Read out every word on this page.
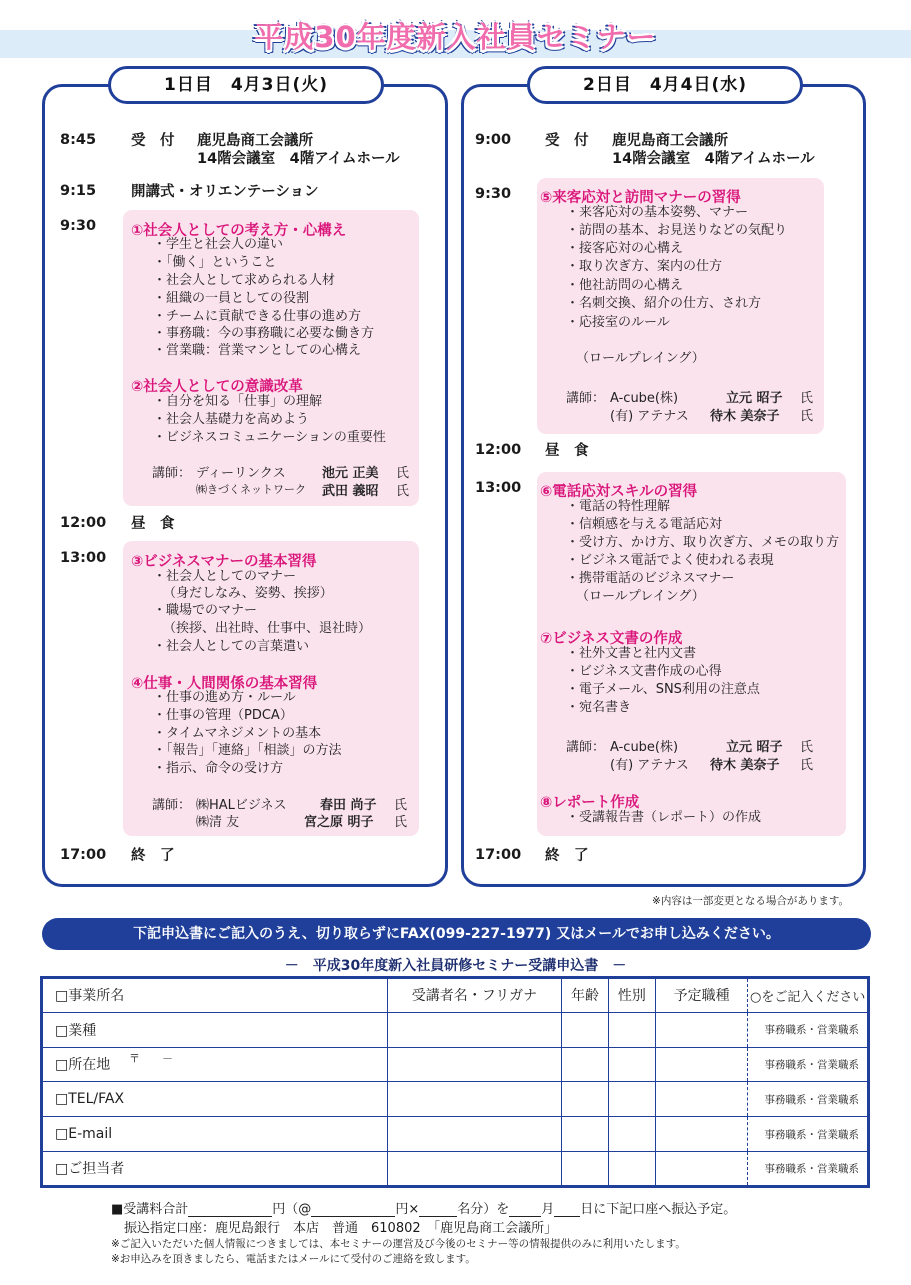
平成30年度新入社員セミナー
1日目　4月3日(火)
8:45 受　付 鹿児島商工会議所
14階会議室　4階アイムホール
9:15 開講式・オリエンテーション
9:30 ①社会人としての考え方・心構え
・学生と社会人の違い
・「働く」ということ
・社会人として求められる人材
・組織の一員としての役割
・チームに貢献できる仕事の進め方
・事務職：今の事務職に必要な働き方
・営業職：営業マンとしての心構え
②社会人としての意識改革
・自分を知る「仕事」の理解
・社会人基礎力を高めよう
・ビジネスコミュニケーションの重要性
講師： ディーリンクス	池元 正美 氏
㈱きづくネットワーク 武田 義昭 氏
12:00 昼　食
13:00 ③ビジネスマナーの基本習得
・社会人としてのマナー
（身だしなみ、姿勢、挨拶）
・職場でのマナー
（挨拶、出社時、仕事中、退社時）
・社会人としての言葉遣い
④仕事・人間関係の基本習得
・仕事の進め方・ルール
・仕事の管理（PDCA）
・タイムマネジメントの基本
・「報告」「連絡」「相談」の方法
・指示、命令の受け方
講師： ㈱HALビジネス	春田 尚子 氏
㈱清 友	宮之原 明子 氏
17:00 終　了
2日目　4月4日(水)
9:00 受　付 鹿児島商工会議所
14階会議室　4階アイムホール
9:30 ⑤来客応対と訪問マナーの習得
・来客応対の基本姿勢、マナー
・訪問の基本、お見送りなどの気配り
・接客応対の心構え
・取り次ぎ方、案内の仕方
・他社訪問の心構え
・名刺交換、紹介の仕方、され方
・応接室のルール
（ロールプレイング）
講師： A-cube(株)	立元 昭子 氏
(有) アテナス 待木 美奈子 氏
12:00 昼　食
13:00 ⑥電話応対スキルの習得
・電話の特性理解
・信頼感を与える電話応対
・受け方、かけ方、取り次ぎ方、メモの取り方
・ビジネス電話でよく使われる表現
・携帯電話のビジネスマナー
（ロールプレイング）
⑦ビジネス文書の作成
・社外文書と社内文書
・ビジネス文書作成の心得
・電子メール、SNS利用の注意点
・宛名書き
講師： A-cube(株)	立元 昭子 氏
(有) アテナス 待木 美奈子 氏
⑧レポート作成
・受講報告書（レポート）の作成
17:00 終　了
※内容は一部変更となる場合があります。
下記申込書にご記入のうえ、切り取らずにFAX(099-227-1977) 又はメールでお申し込みください。
－　平成30年度新入社員研修セミナー受講申込書　－
□事業所名	受講者名・フリガナ	年齢	性別	予定職種	○をご記入ください
□業種					事務職系・営業職系
□所在地 〒　　－					事務職系・営業職系
□TEL/FAX					事務職系・営業職系
□E-mail					事務職系・営業職系
□ご担当者					事務職系・営業職系
■受講料合計	円（@	円×	名分）を 月 日に下記口座へ振込予定。
振込指定口座：鹿児島銀行　本店　普通　610802　「鹿児島商工会議所」
※ご記入いただいた個人情報につきましては、本セミナーの運営及び今後のセミナー等の情報提供のみに利用いたします。
※お申込みを頂きましたら、電話またはメールにて受付のご連絡を致します。
